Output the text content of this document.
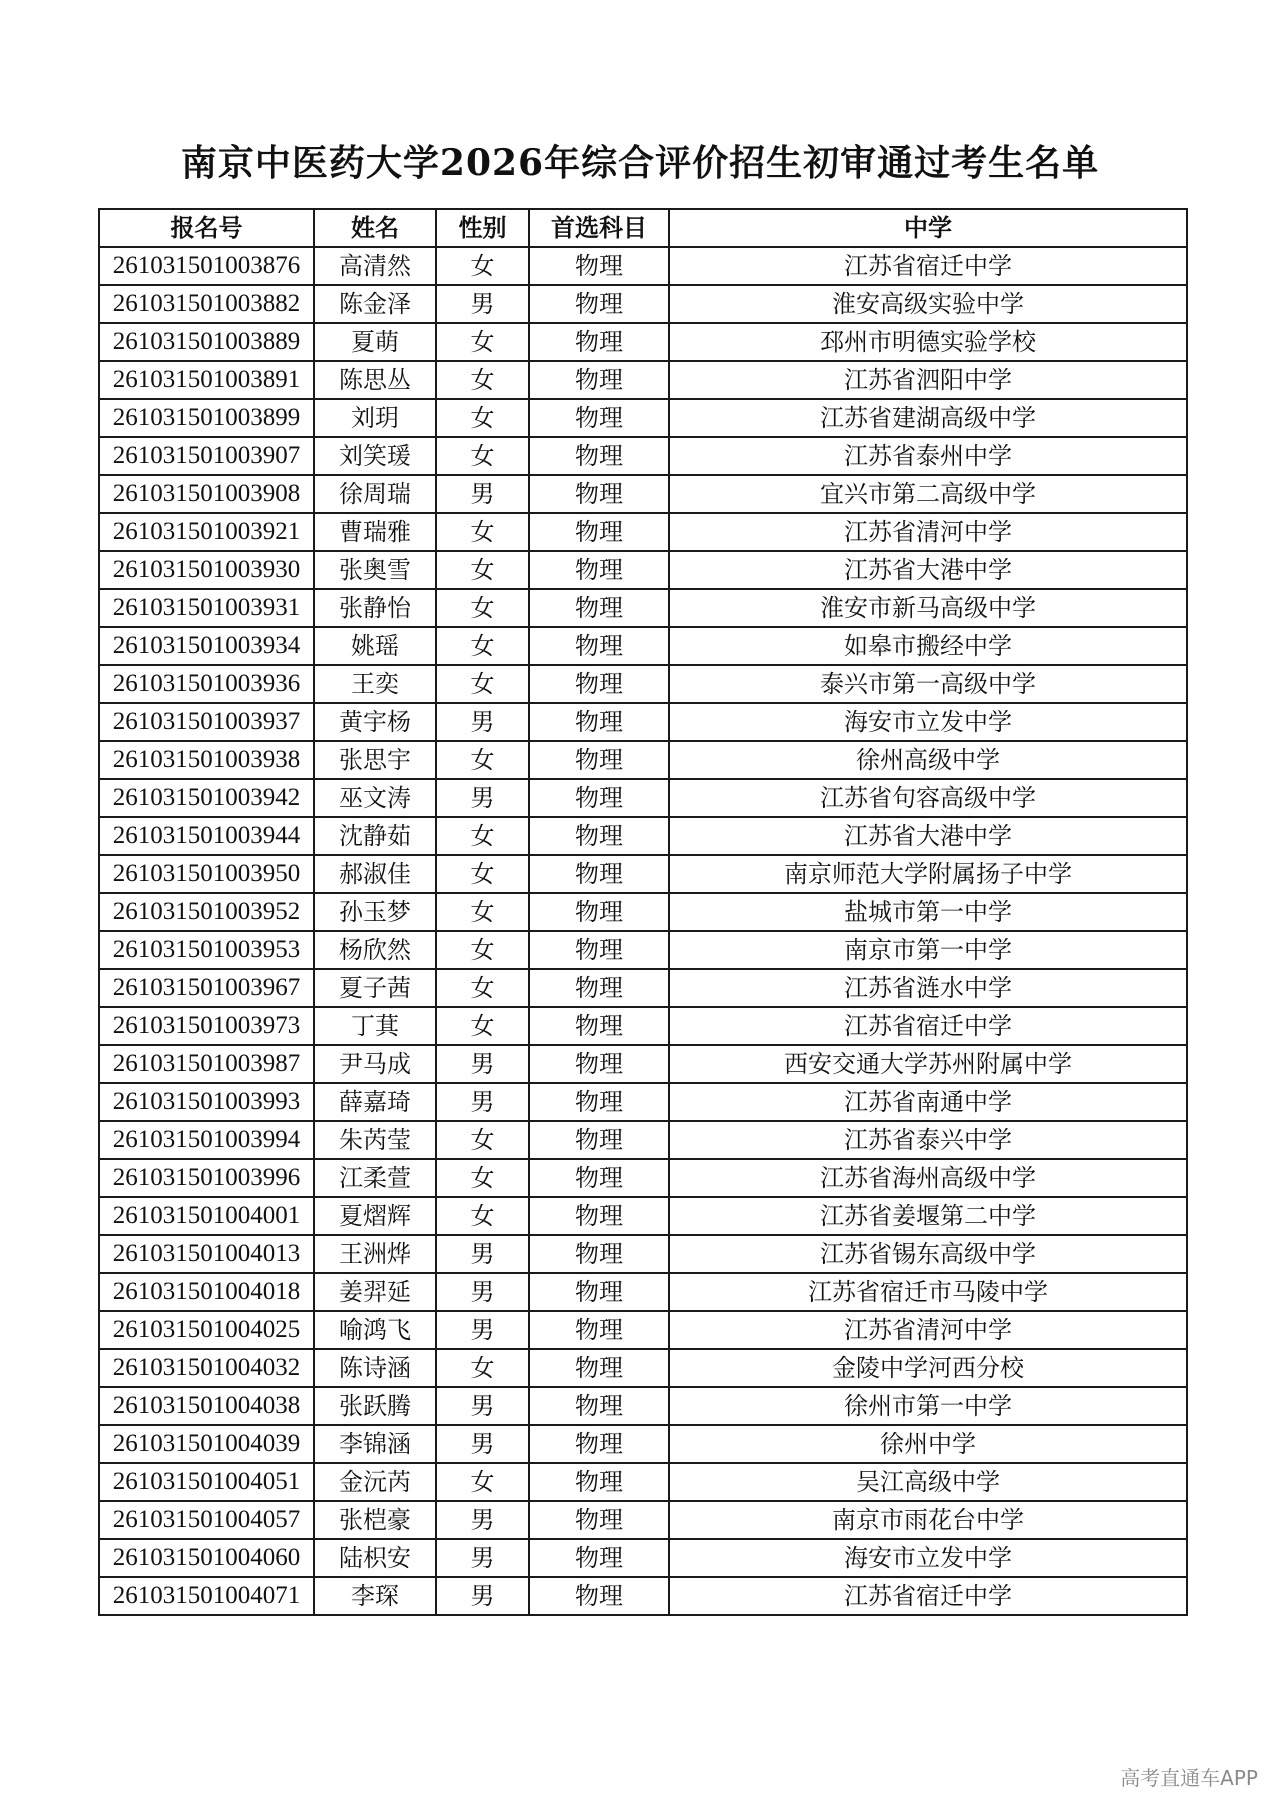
南京中医药大学2026年综合评价招生初审通过考生名单
报名号	姓名	性别	首选科目	中学
261031501003876	高清然	女	物理	江苏省宿迁中学
261031501003882	陈金泽	男	物理	淮安高级实验中学
261031501003889	夏萌	女	物理	邳州市明德实验学校
261031501003891	陈思丛	女	物理	江苏省泗阳中学
261031501003899	刘玥	女	物理	江苏省建湖高级中学
261031501003907	刘笑瑗	女	物理	江苏省泰州中学
261031501003908	徐周瑞	男	物理	宜兴市第二高级中学
261031501003921	曹瑞雅	女	物理	江苏省清河中学
261031501003930	张奥雪	女	物理	江苏省大港中学
261031501003931	张静怡	女	物理	淮安市新马高级中学
261031501003934	姚瑶	女	物理	如皋市搬经中学
261031501003936	王奕	女	物理	泰兴市第一高级中学
261031501003937	黄宇杨	男	物理	海安市立发中学
261031501003938	张思宇	女	物理	徐州高级中学
261031501003942	巫文涛	男	物理	江苏省句容高级中学
261031501003944	沈静茹	女	物理	江苏省大港中学
261031501003950	郝淑佳	女	物理	南京师范大学附属扬子中学
261031501003952	孙玉梦	女	物理	盐城市第一中学
261031501003953	杨欣然	女	物理	南京市第一中学
261031501003967	夏子茜	女	物理	江苏省涟水中学
261031501003973	丁萁	女	物理	江苏省宿迁中学
261031501003987	尹马成	男	物理	西安交通大学苏州附属中学
261031501003993	薛嘉琦	男	物理	江苏省南通中学
261031501003994	朱芮莹	女	物理	江苏省泰兴中学
261031501003996	江柔萱	女	物理	江苏省海州高级中学
261031501004001	夏熠辉	女	物理	江苏省姜堰第二中学
261031501004013	王洲烨	男	物理	江苏省锡东高级中学
261031501004018	姜羿延	男	物理	江苏省宿迁市马陵中学
261031501004025	喻鸿飞	男	物理	江苏省清河中学
261031501004032	陈诗涵	女	物理	金陵中学河西分校
261031501004038	张跃腾	男	物理	徐州市第一中学
261031501004039	李锦涵	男	物理	徐州中学
261031501004051	金沅芮	女	物理	吴江高级中学
261031501004057	张桤豪	男	物理	南京市雨花台中学
261031501004060	陆枳安	男	物理	海安市立发中学
261031501004071	李琛	男	物理	江苏省宿迁中学
高考直通车APP
